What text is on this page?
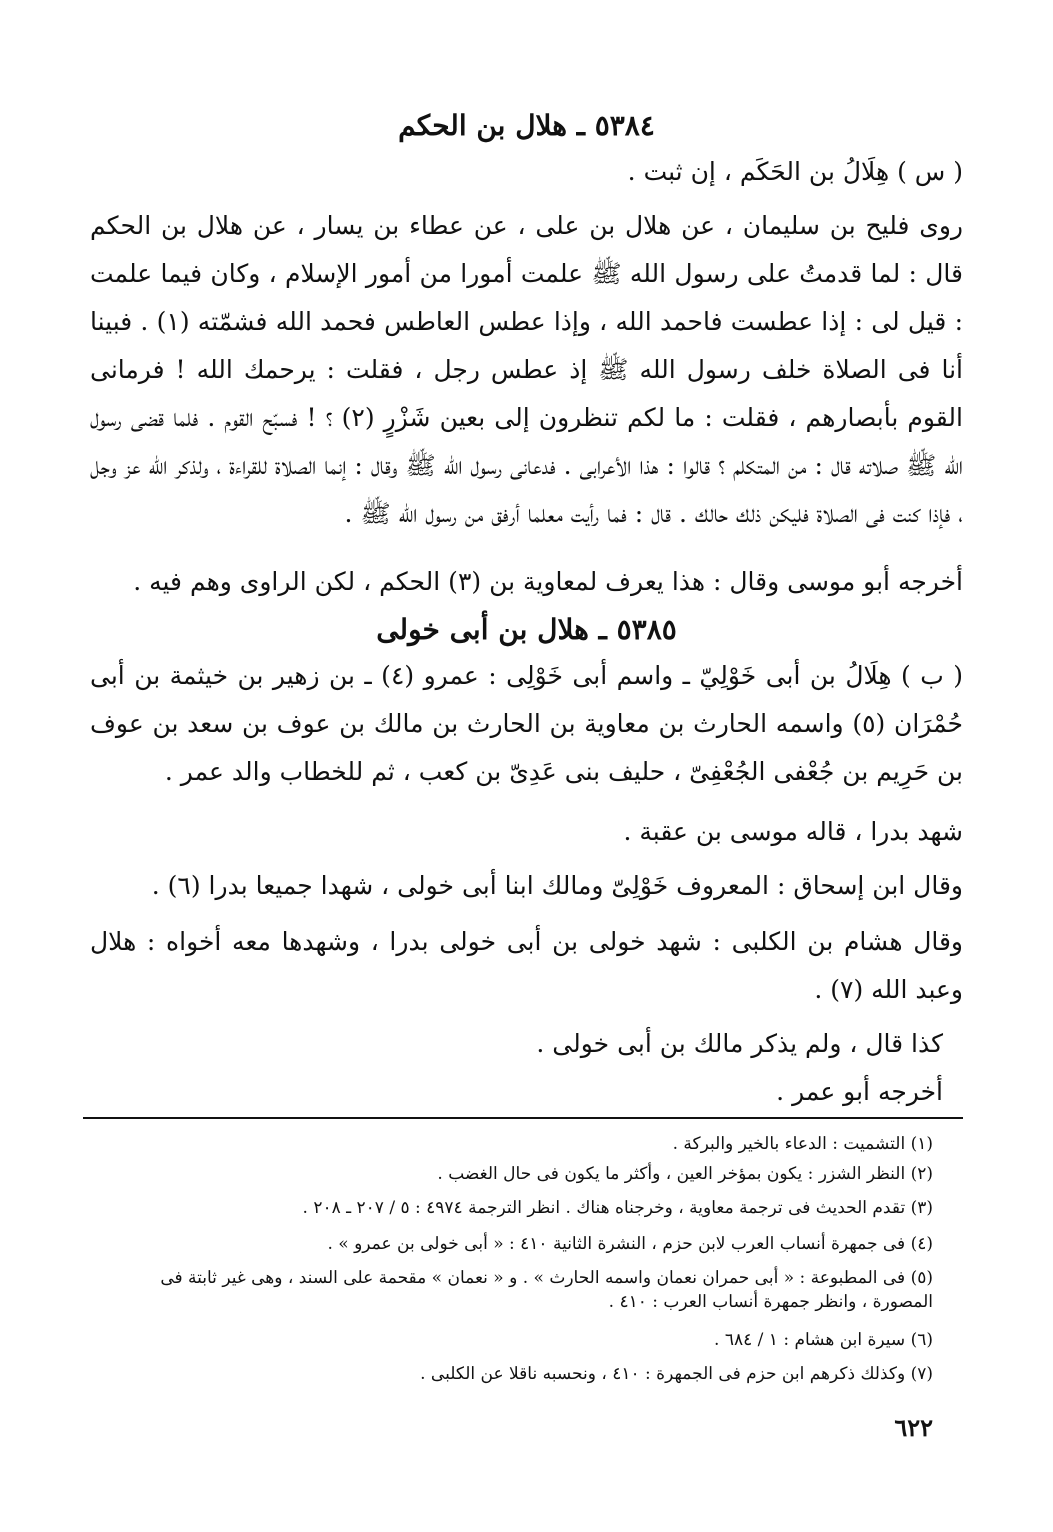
٥٣٨٤ ـ هلال بن الحكم
( س ) هِلَالُ بن الحَكَم ، إن ثبت .
روى فليح بن سليمان ، عن هلال بن على ، عن عطاء بن يسار ، عن هلال بن الحكم قال : لما قدمتُ على رسول الله ﷺ علمت أمورا من أمور الإسلام ، وكان فيما علمت : قيل لى : إذا عطست فاحمد الله ، وإذا عطس العاطس فحمد الله فشمّته (١) . فبينا أنا فى الصلاة خلف رسول الله ﷺ إذ عطس رجل ، فقلت : يرحمك الله ! فرمانى القوم بأبصارهم ، فقلت : ما لكم تنظرون إلى بعين شَزْرٍ (٢) ؟ ! فسبّح القوم . فلما قضى رسول الله ﷺ صلاته قال : من المتكلم ؟ قالوا : هذا الأعرابى . فدعانى رسول الله ﷺ وقال : إنما الصلاة للقراءة ، ولذكر الله عز وجل ، فإذا كنت فى الصلاة فليكن ذلك حالك . قال : فما رأيت معلما أرفق من رسول الله ﷺ .
أخرجه أبو موسى وقال : هذا يعرف لمعاوية بن (٣) الحكم ، لكن الراوى وهم فيه .
٥٣٨٥ ـ هلال بن أبى خولى
( ب ) هِلَالُ بن أبى خَوْلِيّ ـ واسم أبى خَوْلِى : عمرو (٤) ـ بن زهير بن خيثمة بن أبى حُمْرَان (٥) واسمه الحارث بن معاوية بن الحارث بن مالك بن عوف بن سعد بن عوف بن حَرِيم بن جُعْفى الجُعْفِىّ ، حليف بنى عَدِىّ بن كعب ، ثم للخطاب والد عمر .
شهد بدرا ، قاله موسى بن عقبة .
وقال ابن إسحاق : المعروف خَوْلِىّ ومالك ابنا أبى خولى ، شهدا جميعا بدرا (٦) .
وقال هشام بن الكلبى : شهد خولى بن أبى خولى بدرا ، وشهدها معه أخواه : هلال وعبد الله (٧) .
كذا قال ، ولم يذكر مالك بن أبى خولى .
أخرجه أبو عمر .
(١) التشميت : الدعاء بالخير والبركة .
(٢) النظر الشزر : يكون بمؤخر العين ، وأكثر ما يكون فى حال الغضب .
(٣) تقدم الحديث فى ترجمة معاوية ، وخرجناه هناك . انظر الترجمة ٤٩٧٤ : ٥ / ٢٠٧ ـ ٢٠٨ .
(٤) فى جمهرة أنساب العرب لابن حزم ، النشرة الثانية ٤١٠ : « أبى خولى بن عمرو » .
(٥) فى المطبوعة : « أبى حمران نعمان واسمه الحارث » . و « نعمان » مقحمة على السند ، وهى غير ثابتة فى المصورة ، وانظر جمهرة أنساب العرب : ٤١٠ .
(٦) سيرة ابن هشام : ١ / ٦٨٤ .
(٧) وكذلك ذكرهم ابن حزم فى الجمهرة : ٤١٠ ، ونحسبه ناقلا عن الكلبى .
٦٢٢
